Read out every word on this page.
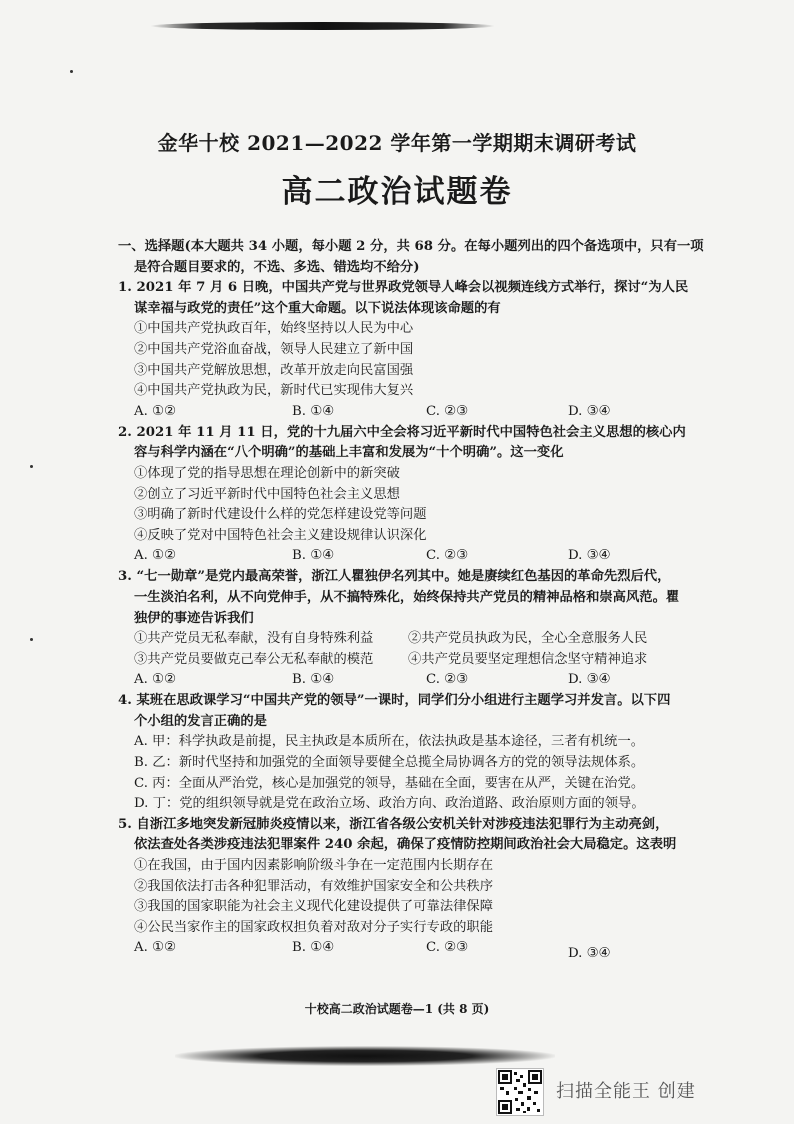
金华十校 2021—2022 学年第一学期期末调研考试
高二政治试题卷
一、选择题(本大题共 34 小题，每小题 2 分，共 68 分。在每小题列出的四个备选项中，只有一项
是符合题目要求的，不选、多选、错选均不给分)
1. 2021 年 7 月 6 日晚，中国共产党与世界政党领导人峰会以视频连线方式举行，探讨“为人民
谋幸福与政党的责任”这个重大命题。以下说法体现该命题的有
①中国共产党执政百年，始终坚持以人民为中心
②中国共产党浴血奋战，领导人民建立了新中国
③中国共产党解放思想，改革开放走向民富国强
④中国共产党执政为民，新时代已实现伟大复兴
A. ①②	B. ①④	C. ②③	D. ③④
2. 2021 年 11 月 11 日，党的十九届六中全会将习近平新时代中国特色社会主义思想的核心内
容与科学内涵在“八个明确”的基础上丰富和发展为“十个明确”。这一变化
①体现了党的指导思想在理论创新中的新突破
②创立了习近平新时代中国特色社会主义思想
③明确了新时代建设什么样的党怎样建设党等问题
④反映了党对中国特色社会主义建设规律认识深化
A. ①②	B. ①④	C. ②③	D. ③④
3. “七一勋章”是党内最高荣誉，浙江人瞿独伊名列其中。她是赓续红色基因的革命先烈后代，
一生淡泊名利，从不向党伸手，从不搞特殊化，始终保持共产党员的精神品格和崇高风范。瞿
独伊的事迹告诉我们
①共产党员无私奉献，没有自身特殊利益	②共产党员执政为民，全心全意服务人民
③共产党员要做克己奉公无私奉献的模范	④共产党员要坚定理想信念坚守精神追求
A. ①②	B. ①④	C. ②③	D. ③④
4. 某班在思政课学习“中国共产党的领导”一课时，同学们分小组进行主题学习并发言。以下四
个小组的发言正确的是
A. 甲：科学执政是前提，民主执政是本质所在，依法执政是基本途径，三者有机统一。
B. 乙：新时代坚持和加强党的全面领导要健全总揽全局协调各方的党的领导法规体系。
C. 丙：全面从严治党，核心是加强党的领导，基础在全面，要害在从严，关键在治党。
D. 丁：党的组织领导就是党在政治立场、政治方向、政治道路、政治原则方面的领导。
5. 自浙江多地突发新冠肺炎疫情以来，浙江省各级公安机关针对涉疫违法犯罪行为主动亮剑，
依法查处各类涉疫违法犯罪案件 240 余起，确保了疫情防控期间政治社会大局稳定。这表明
①在我国，由于国内因素影响阶级斗争在一定范围内长期存在
②我国依法打击各种犯罪活动，有效维护国家安全和公共秩序
③我国的国家职能为社会主义现代化建设提供了可靠法律保障
④公民当家作主的国家政权担负着对敌对分子实行专政的职能
A. ①②	B. ①④	C. ②③	D. ③④
十校高二政治试题卷—1 (共 8 页)
扫描全能王 创建
